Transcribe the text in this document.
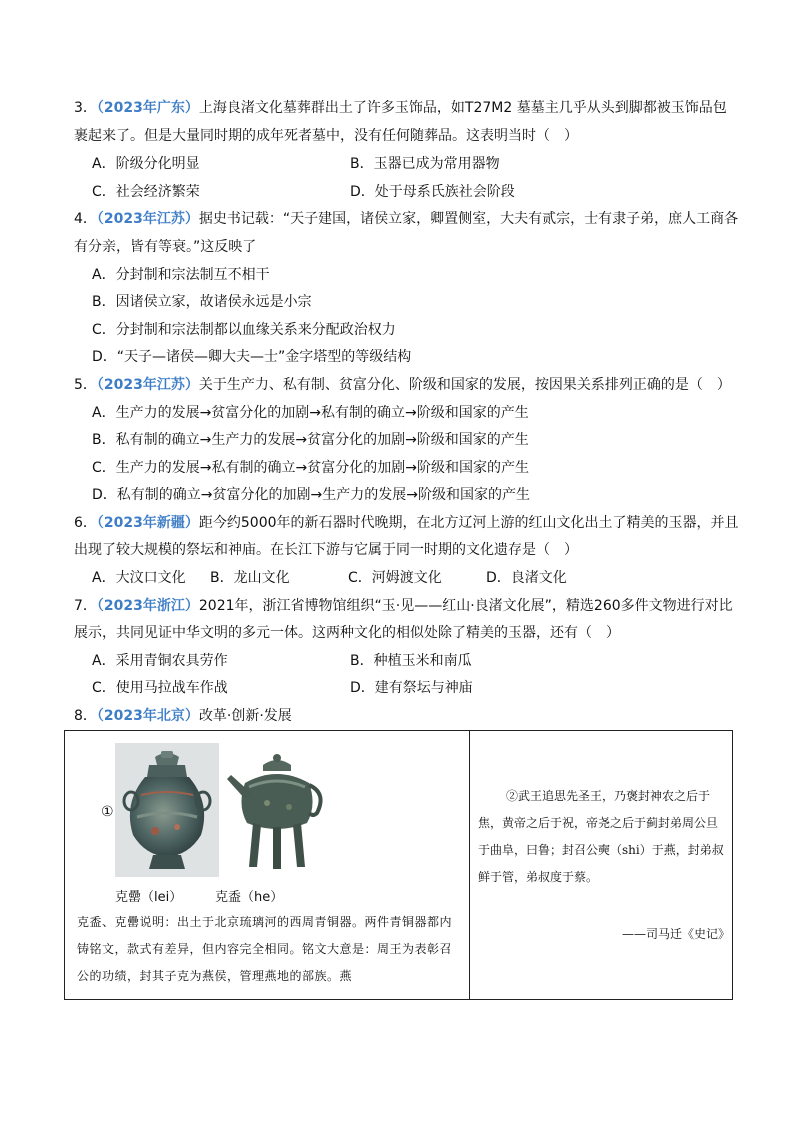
3．（2023年广东）上海良渚文化墓葬群出土了许多玉饰品，如T27M2 墓墓主几乎从头到脚都被玉饰品包
裹起来了。但是大量同时期的成年死者墓中，没有任何随葬品。这表明当时（　）
A．阶级分化明显	B．玉器已成为常用器物
C．社会经济繁荣	D．处于母系氏族社会阶段
4．（2023年江苏）据史书记载：“天子建国，诸侯立家，卿置侧室，大夫有贰宗，士有隶子弟，庶人工商各
有分亲，皆有等衰。”这反映了
A．分封制和宗法制互不相干
B．因诸侯立家，故诸侯永远是小宗
C．分封制和宗法制都以血缘关系来分配政治权力
D．“天子—诸侯—卿大夫—士”金字塔型的等级结构
5．（2023年江苏）关于生产力、私有制、贫富分化、阶级和国家的发展，按因果关系排列正确的是（　）
A．生产力的发展→贫富分化的加剧→私有制的确立→阶级和国家的产生
B．私有制的确立→生产力的发展→贫富分化的加剧→阶级和国家的产生
C．生产力的发展→私有制的确立→贫富分化的加剧→阶级和国家的产生
D．私有制的确立→贫富分化的加剧→生产力的发展→阶级和国家的产生
6．（2023年新疆）距今约5000年的新石器时代晚期，在北方辽河上游的红山文化出土了精美的玉器，并且
出现了较大规模的祭坛和神庙。在长江下游与它属于同一时期的文化遗存是（　）
A．大汶口文化 B．龙山文化	C．河姆渡文化	D．良渚文化
7．（2023年浙江）2021年，浙江省博物馆组织“玉·见——红山·良渚文化展”，精选260多件文物进行对比
展示，共同见证中华文明的多元一体。这两种文化的相似处除了精美的玉器，还有（　）
A．采用青铜农具劳作	B．种植玉米和南瓜
C．使用马拉战车作战	D．建有祭坛与神庙
8．（2023年北京）改革·创新·发展
①
克罍（lei）	克盉（he）
克盉、克罍说明：出土于北京琉璃河的西周青铜器。两件青铜器都内铸铭文，款式有差异，但内容完全相同。铭文大意是：周王为表彰召公的功绩，封其子克为燕侯，管理燕地的部族。燕

②武王追思先圣王，乃褒封神农之后于焦，黄帝之后于祝，帝尧之后于蓟封弟周公旦于曲阜，曰鲁；封召公奭（shi）于燕，封弟叔鲜于管，弟叔度于蔡。
——司马迁《史记》
